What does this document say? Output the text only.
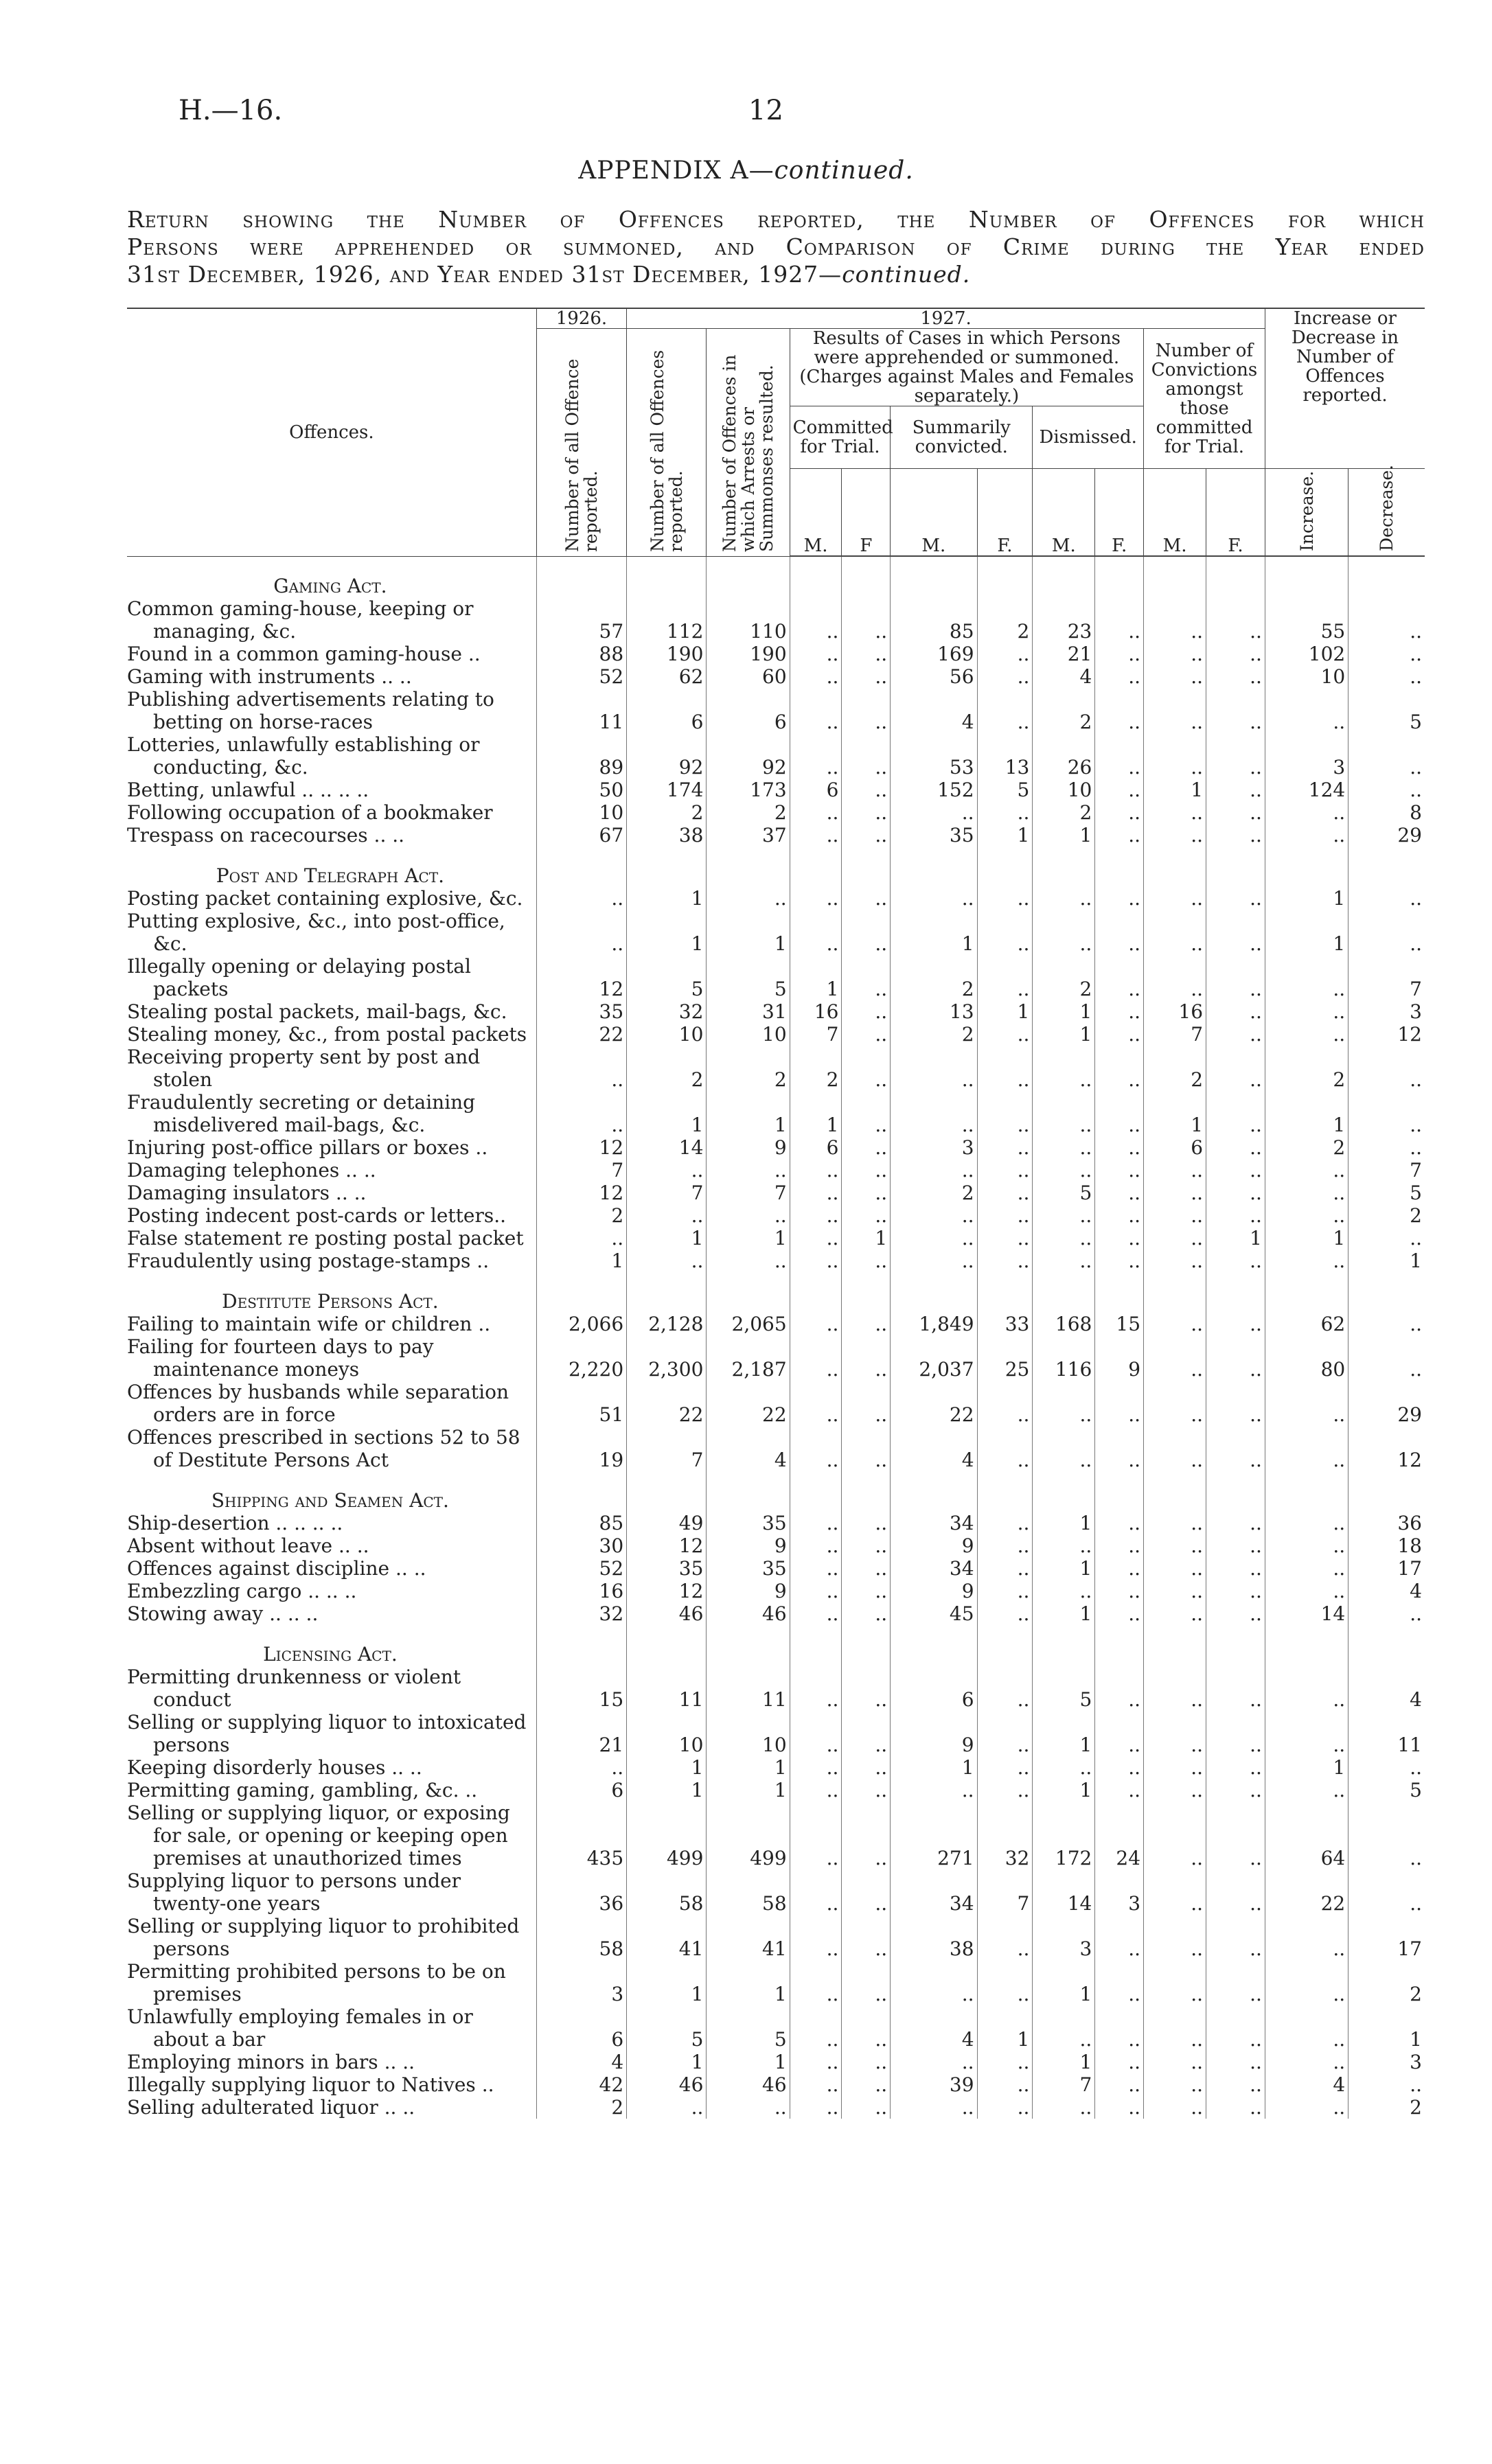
H.—16.	12
APPENDIX A—continued.
Return showing the Number of Offences reported, the Number of Offences for which
Persons were apprehended or summoned, and Comparison of Crime during the Year ended
31st December, 1926, and Year ended 31st December, 1927—continued.
Offences.	1926.	1927.										Increase or Decrease in Number of Offences reported.	
	Number of all Offence reported.	Number of all Offences reported.	Number of Offences in which Arrests or Summonses resulted.	Results of Cases in which Persons were apprehended or summoned. (Charges against Males and Females separately.)						Number of Convictions amongst those committed for Trial.			
				Committed for Trial.		Summarily convicted.		Dismissed.					
				M.	F	M.	F.	M.	F.	M.	F.	Increase.	Decrease.
Gaming Act.													

Common gaming-house, keeping or managing, &c.	57	112	110	..	..	85	2	23	..	..	..	55	..

Found in a common gaming-house ..	88	190	190	..	..	169	..	21	..	..	..	102	..

Gaming with instruments .. ..	52	62	60	..	..	56	..	4	..	..	..	10	..

Publishing advertisements relating to betting on horse-races	11	6	6	..	..	4	..	2	..	..	..	..	5

Lotteries, unlawfully establishing or conducting, &c.	89	92	92	..	..	53	13	26	..	..	..	3	..

Betting, unlawful .. .. .. ..	50	174	173	6	..	152	5	10	..	1	..	124	..

Following occupation of a bookmaker	10	2	2	..	..	..	..	2	..	..	..	..	8

Trespass on racecourses .. ..	67	38	37	..	..	35	1	1	..	..	..	..	29
Post and Telegraph Act.													

Posting packet containing explosive, &c.	..	1	..	..	..	..	..	..	..	..	..	1	..

Putting explosive, &c., into post-office, &c.	..	1	1	..	..	1	..	..	..	..	..	1	..

Illegally opening or delaying postal packets	12	5	5	1	..	2	..	2	..	..	..	..	7

Stealing postal packets, mail-bags, &c.	35	32	31	16	..	13	1	1	..	16	..	..	3

Stealing money, &c., from postal packets	22	10	10	7	..	2	..	1	..	7	..	..	12

Receiving property sent by post and stolen	..	2	2	2	..	..	..	..	..	2	..	2	..

Fraudulently secreting or detaining misdelivered mail-bags, &c.	..	1	1	1	..	..	..	..	..	1	..	1	..

Injuring post-office pillars or boxes ..	12	14	9	6	..	3	..	..	..	6	..	2	..

Damaging telephones .. ..	7	..	..	..	..	..	..	..	..	..	..	..	7

Damaging insulators .. ..	12	7	7	..	..	2	..	5	..	..	..	..	5

Posting indecent post-cards or letters..	2	..	..	..	..	..	..	..	..	..	..	..	2

False statement re posting postal packet	..	1	1	..	1	..	..	..	..	..	1	1	..

Fraudulently using postage-stamps ..	1	..	..	..	..	..	..	..	..	..	..	..	1
Destitute Persons Act.													

Failing to maintain wife or children ..	2,066	2,128	2,065	..	..	1,849	33	168	15	..	..	62	..

Failing for fourteen days to pay maintenance moneys	2,220	2,300	2,187	..	..	2,037	25	116	9	..	..	80	..

Offences by husbands while separation orders are in force	51	22	22	..	..	22	..	..	..	..	..	..	29

Offences prescribed in sections 52 to 58 of Destitute Persons Act	19	7	4	..	..	4	..	..	..	..	..	..	12
Shipping and Seamen Act.													

Ship-desertion .. .. .. ..	85	49	35	..	..	34	..	1	..	..	..	..	36

Absent without leave .. ..	30	12	9	..	..	9	..	..	..	..	..	..	18

Offences against discipline .. ..	52	35	35	..	..	34	..	1	..	..	..	..	17

Embezzling cargo .. .. ..	16	12	9	..	..	9	..	..	..	..	..	..	4

Stowing away .. .. ..	32	46	46	..	..	45	..	1	..	..	..	14	..
Licensing Act.													

Permitting drunkenness or violent conduct	15	11	11	..	..	6	..	5	..	..	..	..	4

Selling or supplying liquor to intoxicated persons	21	10	10	..	..	9	..	1	..	..	..	..	11

Keeping disorderly houses .. ..	..	1	1	..	..	1	..	..	..	..	..	1	..

Permitting gaming, gambling, &c. ..	6	1	1	..	..	..	..	1	..	..	..	..	5

Selling or supplying liquor, or exposing for sale, or opening or keeping open premises at unauthorized times	435	499	499	..	..	271	32	172	24	..	..	64	..

Supplying liquor to persons under twenty-one years	36	58	58	..	..	34	7	14	3	..	..	22	..

Selling or supplying liquor to prohibited persons	58	41	41	..	..	38	..	3	..	..	..	..	17

Permitting prohibited persons to be on premises	3	1	1	..	..	..	..	1	..	..	..	..	2

Unlawfully employing females in or about a bar	6	5	5	..	..	4	1	..	..	..	..	..	1

Employing minors in bars .. ..	4	1	1	..	..	..	..	1	..	..	..	..	3

Illegally supplying liquor to Natives ..	42	46	46	..	..	39	..	7	..	..	..	4	..

Selling adulterated liquor .. ..	2	..	..	..	..	..	..	..	..	..	..	..	2
